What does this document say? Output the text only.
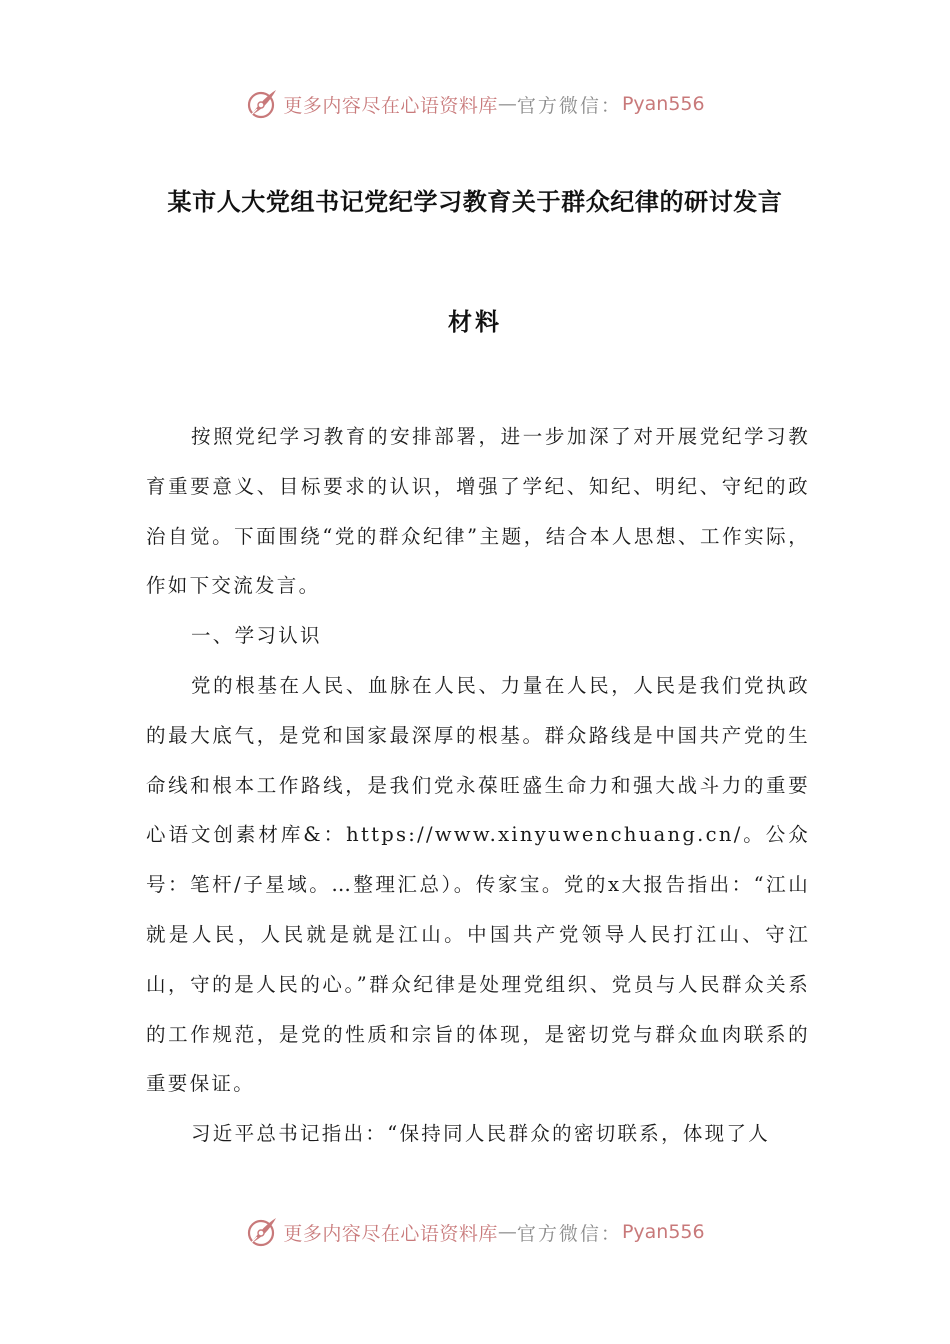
更多内容尽在心语资料库 — 官方微信： Pyan556
某市人大党组书记党纪学习教育关于群众纪律的研讨发言
材料

按照党纪学习教育的安排部署，进一步加深了对开展党纪学习教育重要意义、目标要求的认识，增强了学纪、知纪、明纪、守纪的政治自觉。下面围绕“党的群众纪律”主题，结合本人思想、工作实际，作如下交流发言。

一、学习认识

党的根基在人民、血脉在人民、力量在人民，人民是我们党执政的最大底气，是党和国家最深厚的根基。群众路线是中国共产党的生命线和根本工作路线，是我们党永葆旺盛生命力和强大战斗力的重要心语文创素材库&：https://www.xinyuwenchuang.cn/。公众号：笔杆/子星域。…整理汇总）。传家宝。党的x大报告指出：“江山就是人民，人民就是就是江山。中国共产党领导人民打江山、守江山，守的是人民的心。”群众纪律是处理党组织、党员与人民群众关系的工作规范，是党的性质和宗旨的体现，是密切党与群众血肉联系的重要保证。

习近平总书记指出：“保持同人民群众的密切联系，体现了人

更多内容尽在心语资料库 — 官方微信： Pyan556
